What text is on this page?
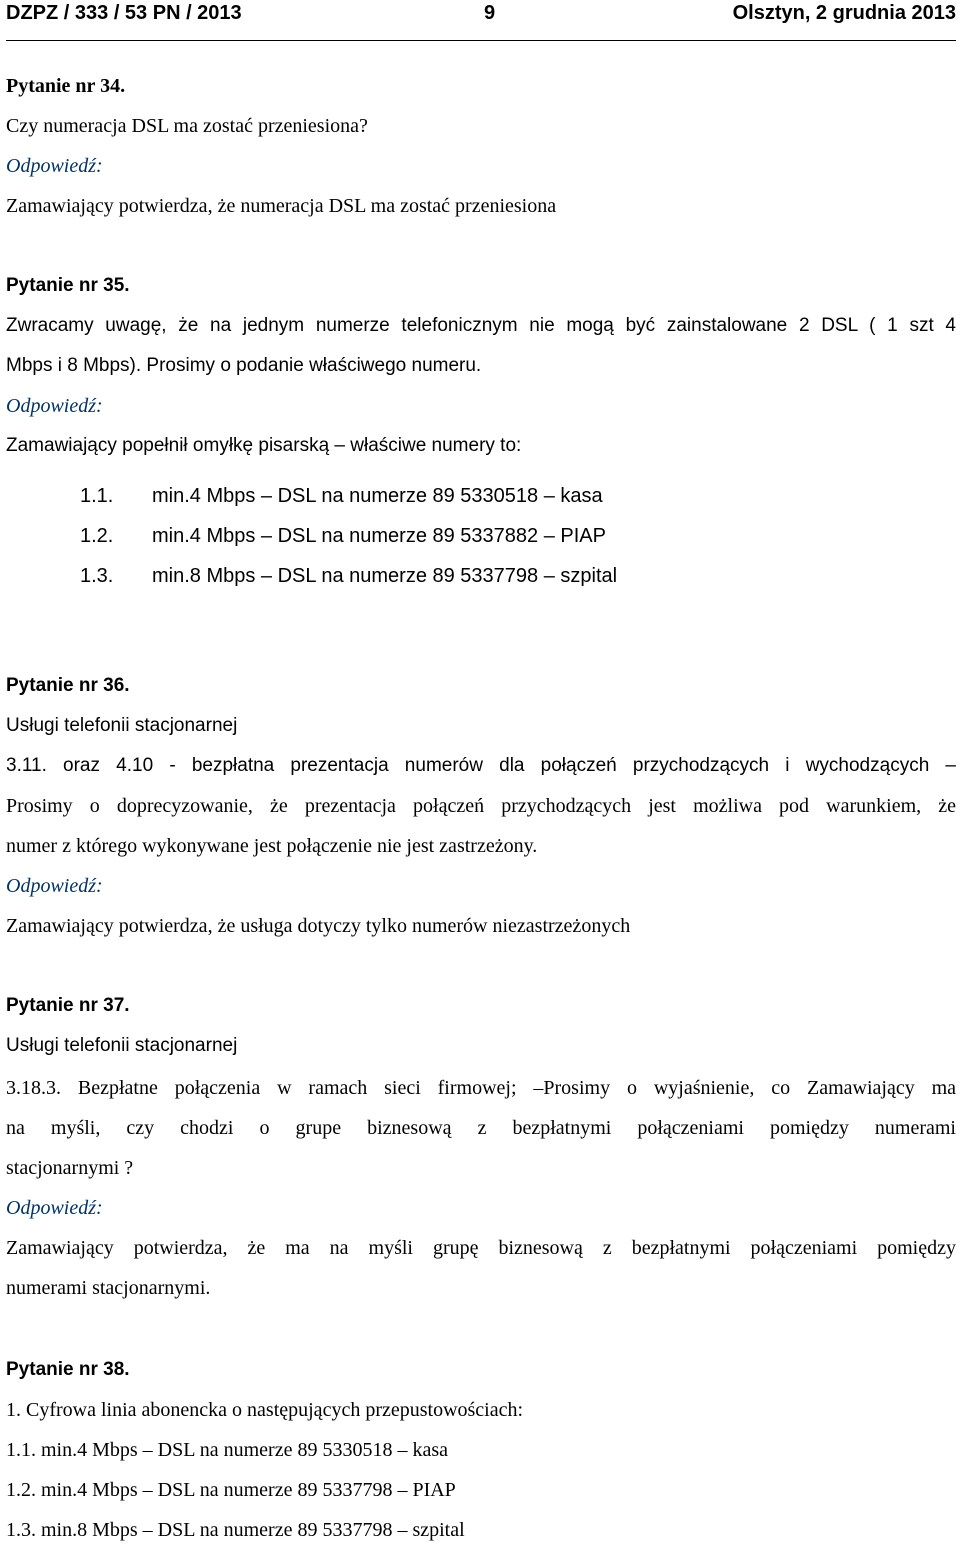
DZPZ / 333 / 53 PN / 2013	9	Olsztyn, 2 grudnia 2013
Pytanie nr 34.
Czy numeracja DSL ma zostać przeniesiona?
Odpowiedź:
Zamawiający potwierdza, że numeracja DSL ma zostać przeniesiona
Pytanie nr 35.
Zwracamy uwagę, że na jednym numerze telefonicznym nie mogą być zainstalowane 2 DSL ( 1 szt 4
Mbps i 8 Mbps). Prosimy o podanie właściwego numeru.
Odpowiedź:
Zamawiający popełnił omyłkę pisarską – właściwe numery to:
1.1. min.4 Mbps – DSL na numerze 89 5330518 – kasa
1.2. min.4 Mbps – DSL na numerze 89 5337882 – PIAP
1.3. min.8 Mbps – DSL na numerze 89 5337798 – szpital
Pytanie nr 36.
Usługi telefonii stacjonarnej
3.11. oraz 4.10 - bezpłatna prezentacja numerów dla połączeń przychodzących i wychodzących –
Prosimy o doprecyzowanie, że prezentacja połączeń przychodzących jest możliwa pod warunkiem, że
numer z którego wykonywane jest połączenie nie jest zastrzeżony.
Odpowiedź:
Zamawiający potwierdza, że usługa dotyczy tylko numerów niezastrzeżonych
Pytanie nr 37.
Usługi telefonii stacjonarnej
3.18.3. Bezpłatne połączenia w ramach sieci firmowej; –Prosimy o wyjaśnienie, co Zamawiający ma
na myśli, czy chodzi o grupe biznesową z bezpłatnymi połączeniami pomiędzy numerami
stacjonarnymi ?
Odpowiedź:
Zamawiający potwierdza, że ma na myśli grupę biznesową z bezpłatnymi połączeniami pomiędzy
numerami stacjonarnymi.
Pytanie nr 38.
1. Cyfrowa linia abonencka o następujących przepustowościach:
1.1. min.4 Mbps – DSL na numerze 89 5330518 – kasa
1.2. min.4 Mbps – DSL na numerze 89 5337798 – PIAP
1.3. min.8 Mbps – DSL na numerze 89 5337798 – szpital
